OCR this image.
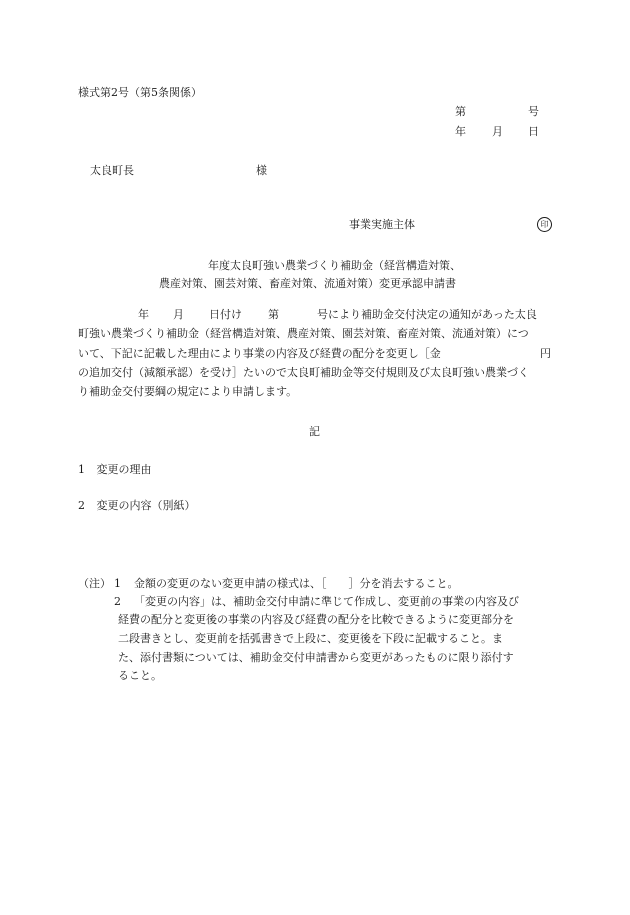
様式第2号（第5条関係）
第	号
年 月 日
太良町長	様
事業実施主体	印
年度太良町強い農業づくり補助金（経営構造対策、
農産対策、園芸対策、畜産対策、流通対策）変更承認申請書
年 月 日付け 第	号により補助金交付決定の通知があった太良
町強い農業づくり補助金（経営構造対策、農産対策、園芸対策、畜産対策、流通対策）につ
いて、下記に記載した理由により事業の内容及び経費の配分を変更し［金	円
の追加交付（減額承認）を受け］たいので太良町補助金等交付規則及び太良町強い農業づく
り補助金交付要綱の規定により申請します。
記
1 変更の理由
2 変更の内容（別紙）
（注） 1 金額の変更のない変更申請の様式は、［　　］分を消去すること。
2 「変更の内容」は、補助金交付申請に準じて作成し、変更前の事業の内容及び
経費の配分と変更後の事業の内容及び経費の配分を比較できるように変更部分を
二段書きとし、変更前を括弧書きで上段に、変更後を下段に記載すること。ま
た、添付書類については、補助金交付申請書から変更があったものに限り添付す
ること。
